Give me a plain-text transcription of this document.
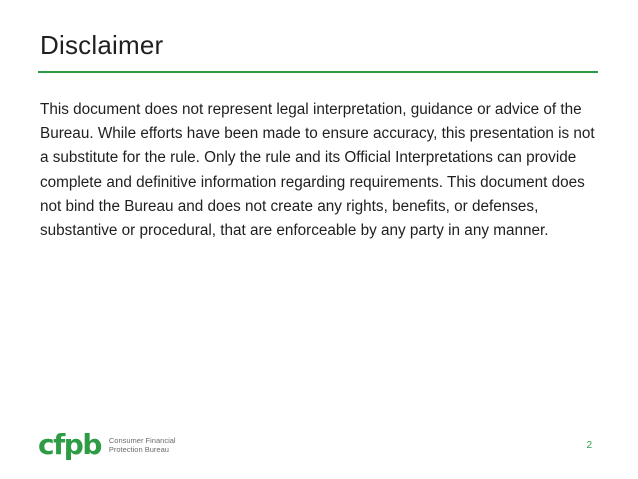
Disclaimer

This document does not represent legal interpretation, guidance or advice of the Bureau. While efforts have been made to ensure accuracy, this presentation is not a substitute for the rule. Only the rule and its Official Interpretations can provide complete and definitive information regarding requirements. This document does not bind the Bureau and does not create any rights, benefits, or defenses, substantive or procedural, that are enforceable by any party in any manner.

cfpb Consumer Financial
Protection Bureau	2
